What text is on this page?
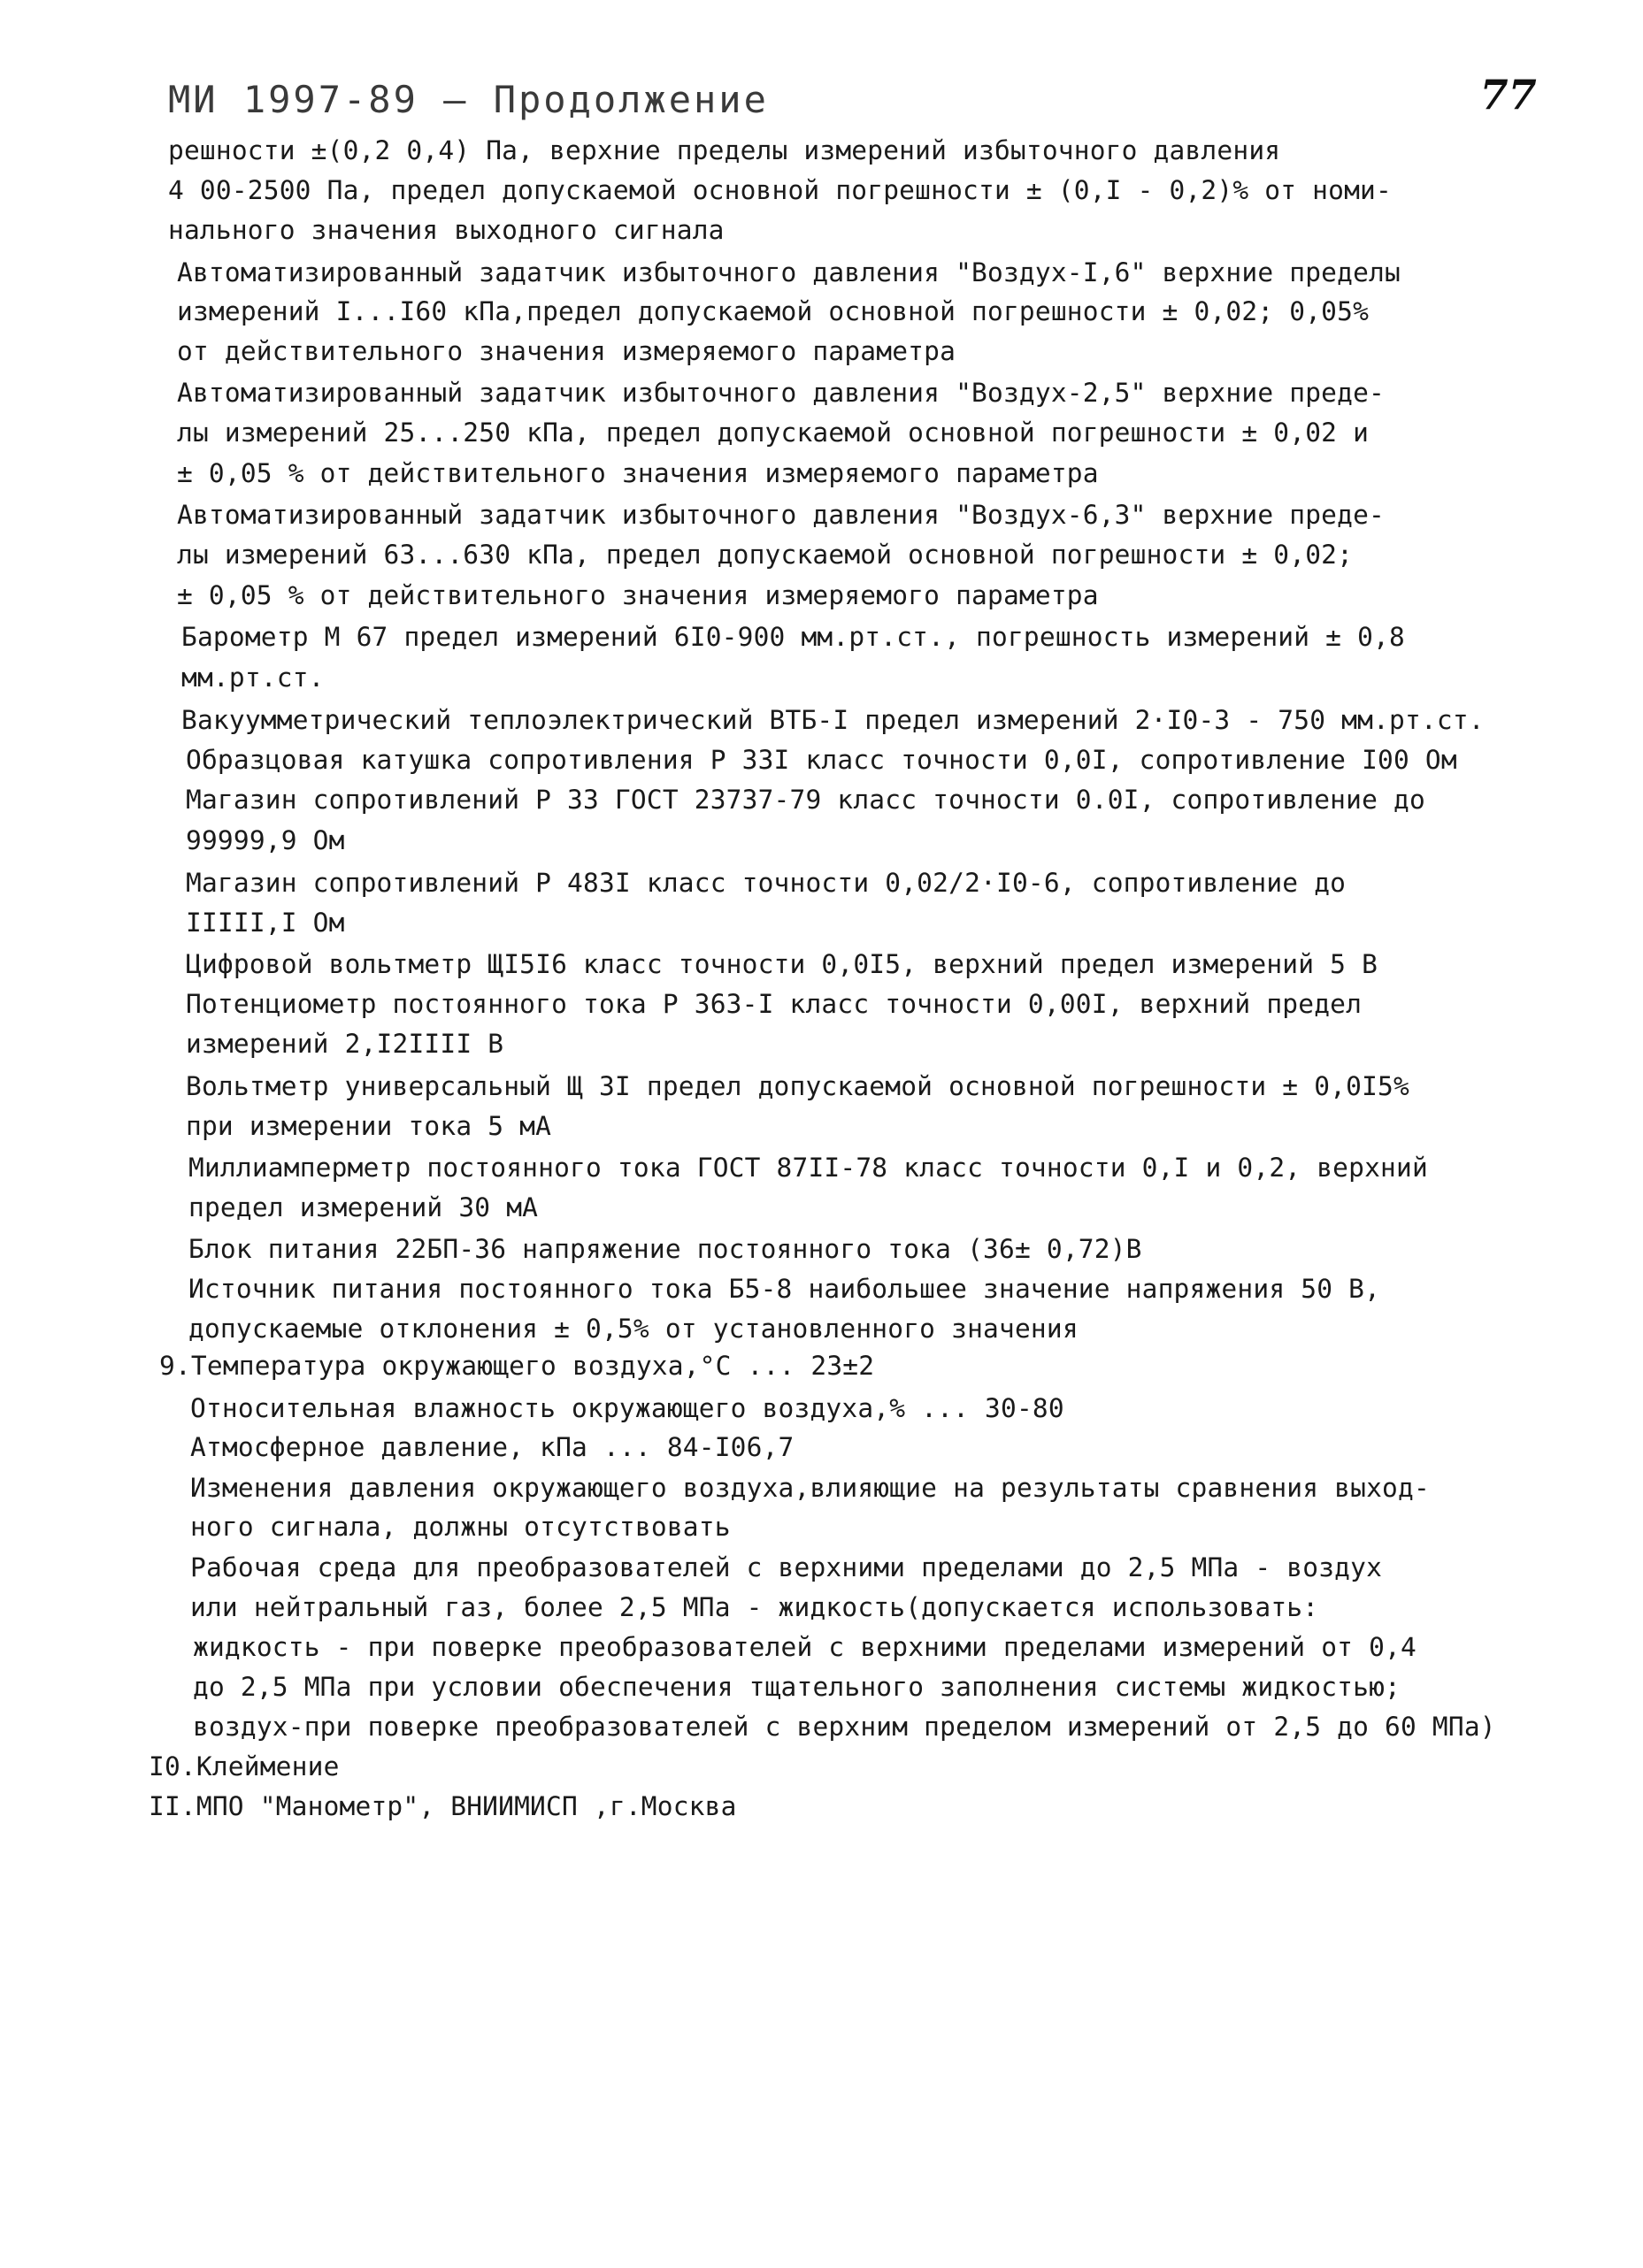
МИ 1997-89 – Продолжение	77
решности ±(0,2 0,4) Па, верхние пределы измерений избыточного давления
4 00-2500 Па, предел допускаемой основной погрешности ± (0,I - 0,2)% от номи-
нального значения выходного сигнала
Автоматизированный задатчик избыточного давления "Воздух-I,6" верхние пределы
измерений I...I60 кПа,предел допускаемой основной погрешности ± 0,02; 0,05%
от действительного значения измеряемого параметра
Автоматизированный задатчик избыточного давления "Воздух-2,5" верхние преде-
лы измерений 25...250 кПа, предел допускаемой основной погрешности ± 0,02 и
± 0,05 % от действительного значения измеряемого параметра
Автоматизированный задатчик избыточного давления "Воздух-6,3" верхние преде-
лы измерений 63...630 кПа, предел допускаемой основной погрешности ± 0,02;
± 0,05 % от действительного значения измеряемого параметра
Барометр М 67 предел измерений 6I0-900 мм.рт.ст., погрешность измерений ± 0,8
мм.рт.ст.
Вакуумметрический теплоэлектрический ВТБ-I предел измерений 2·I0-3 - 750 мм.рт.ст.
Образцовая катушка сопротивления Р 33I класс точности 0,0I, сопротивление I00 Ом
Магазин сопротивлений Р 33 ГОСТ 23737-79 класс точности 0.0I, сопротивление до
99999,9 Ом
Магазин сопротивлений Р 483I класс точности 0,02/2·I0-6, сопротивление до
IIIII,I Ом
Цифровой вольтметр ЩI5I6 класс точности 0,0I5, верхний предел измерений 5 В
Потенциометр постоянного тока Р 363-I класс точности 0,00I, верхний предел
измерений 2,I2IIII В
Вольтметр универсальный Щ 3I предел допускаемой основной погрешности ± 0,0I5%
при измерении тока 5 мА
Миллиамперметр постоянного тока ГОСТ 87II-78 класс точности 0,I и 0,2, верхний
предел измерений 30 мА
Блок питания 22БП-36 напряжение постоянного тока (36± 0,72)В
Источник питания постоянного тока Б5-8 наибольшее значение напряжения 50 В,
допускаемые отклонения ± 0,5% от установленного значения
9.Температура окружающего воздуха,°С ... 23±2
Относительная влажность окружающего воздуха,% ... 30-80
Атмосферное давление, кПа ... 84-I06,7
Изменения давления окружающего воздуха,влияющие на результаты сравнения выход-
ного сигнала, должны отсутствовать
Рабочая среда для преобразователей с верхними пределами до 2,5 МПа - воздух
или нейтральный газ, более 2,5 МПа - жидкость(допускается использовать:
жидкость - при поверке преобразователей с верхними пределами измерений от 0,4
до 2,5 МПа при условии обеспечения тщательного заполнения системы жидкостью;
воздух-при поверке преобразователей с верхним пределом измерений от 2,5 до 60 МПа)
I0.Клеймение
II.МПО "Манометр", ВНИИМИСП ,г.Москва
